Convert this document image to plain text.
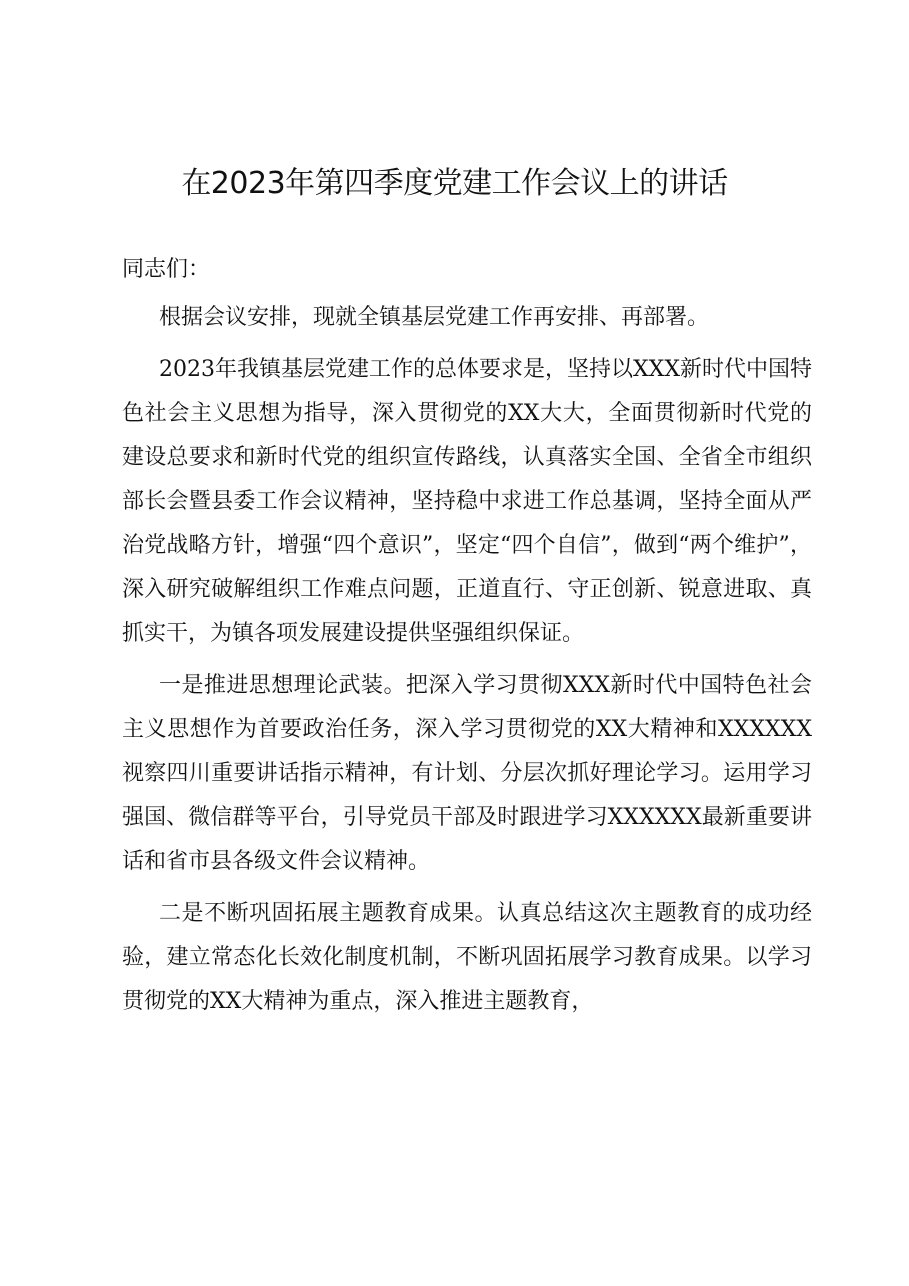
在2023年第四季度党建工作会议上的讲话

同志们：

根据会议安排，现就全镇基层党建工作再安排、再部署。

2023年我镇基层党建工作的总体要求是，坚持以XXX新时代中国特色社会主义思想为指导，深入贯彻党的XX大大，全面贯彻新时代党的建设总要求和新时代党的组织宣传路线，认真落实全国、全省全市组织部长会暨县委工作会议精神，坚持稳中求进工作总基调，坚持全面从严治党战略方针，增强“四个意识”，坚定“四个自信”，做到“两个维护”，深入研究破解组织工作难点问题，正道直行、守正创新、锐意进取、真抓实干，为镇各项发展建设提供坚强组织保证。

一是推进思想理论武装。把深入学习贯彻XXX新时代中国特色社会主义思想作为首要政治任务，深入学习贯彻党的XX大精神和XXXXXX视察四川重要讲话指示精神，有计划、分层次抓好理论学习。运用学习强国、微信群等平台，引导党员干部及时跟进学习XXXXXX最新重要讲话和省市县各级文件会议精神。

二是不断巩固拓展主题教育成果。认真总结这次主题教育的成功经验，建立常态化长效化制度机制，不断巩固拓展学习教育成果。以学习贯彻党的XX大精神为重点，深入推进主题教育，
